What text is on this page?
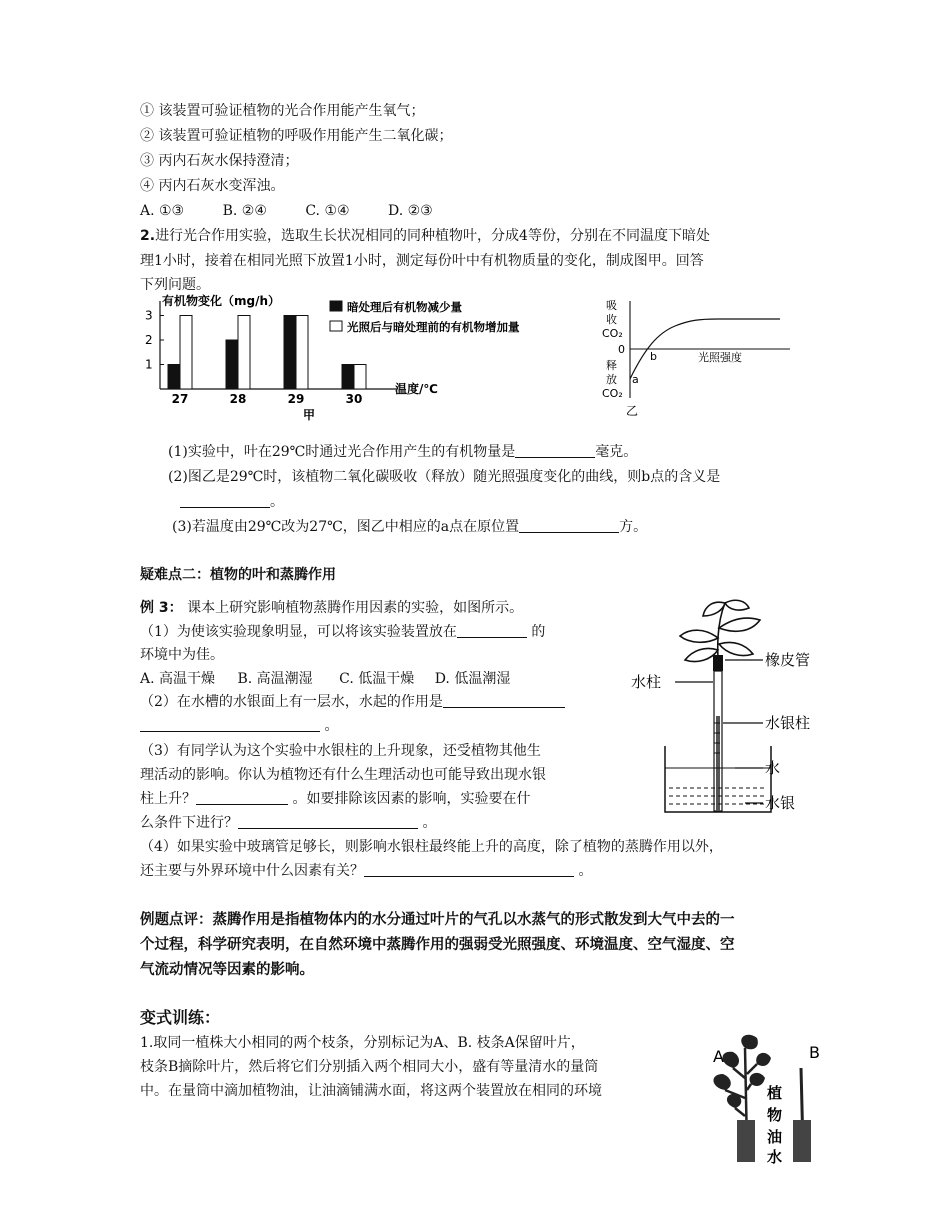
① 该装置可验证植物的光合作用能产生氧气；
② 该装置可验证植物的呼吸作用能产生二氧化碳；
③ 丙内石灰水保持澄清；
④ 丙内石灰水变浑浊。
A. ①③	B. ②④	C. ①④	D. ②③
2.进行光合作用实验，选取生长状况相同的同种植物叶，分成4等份，分别在不同温度下暗处
理1小时，接着在相同光照下放置1小时，测定每份叶中有机物质量的变化，制成图甲。回答
下列问题。
有机物变化（mg/h）
1
2
3
27	28	29	30
温度/℃
甲
暗处理后有机物减少量
光照后与暗处理前的有机物增加量
吸
收
CO₂
0
释
放
CO₂
a
b	光照强度
乙
(1)实验中，叶在29℃时通过光合作用产生的有机物量是	毫克。
(2)图乙是29℃时，该植物二氧化碳吸收（释放）随光照强度变化的曲线，则b点的含义是
。
(3)若温度由29℃改为27℃，图乙中相应的a点在原位置	方。
疑难点二：植物的叶和蒸腾作用
例 3： 课本上研究影响植物蒸腾作用因素的实验，如图所示。
（1）为使该实验现象明显，可以将该实验装置放在	的
环境中为佳。
A. 高温干燥 B. 高温潮湿 C. 低温干燥 D. 低温潮湿
（2）在水槽的水银面上有一层水，水起的作用是
。
（3）有同学认为这个实验中水银柱的上升现象，还受植物其他生
理活动的影响。你认为植物还有什么生理活动也可能导致出现水银
柱上升？	。如要排除该因素的影响，实验要在什
么条件下进行？	。
（4）如果实验中玻璃管足够长，则影响水银柱最终能上升的高度，除了植物的蒸腾作用以外，
还主要与外界环境中什么因素有关？	。
橡皮管
水柱
水银柱
水
水银
例题点评：蒸腾作用是指植物体内的水分通过叶片的气孔以水蒸气的形式散发到大气中去的一
个过程，科学研究表明，在自然环境中蒸腾作用的强弱受光照强度、环境温度、空气湿度、空
气流动情况等因素的影响。
变式训练：
1.取同一植株大小相同的两个枝条，分别标记为A、B. 枝条A保留叶片，
枝条B摘除叶片，然后将它们分别插入两个相同大小，盛有等量清水的量筒
中。在量筒中滴加植物油，让油滴铺满水面，将这两个装置放在相同的环境
A	B
植
物
油
水
